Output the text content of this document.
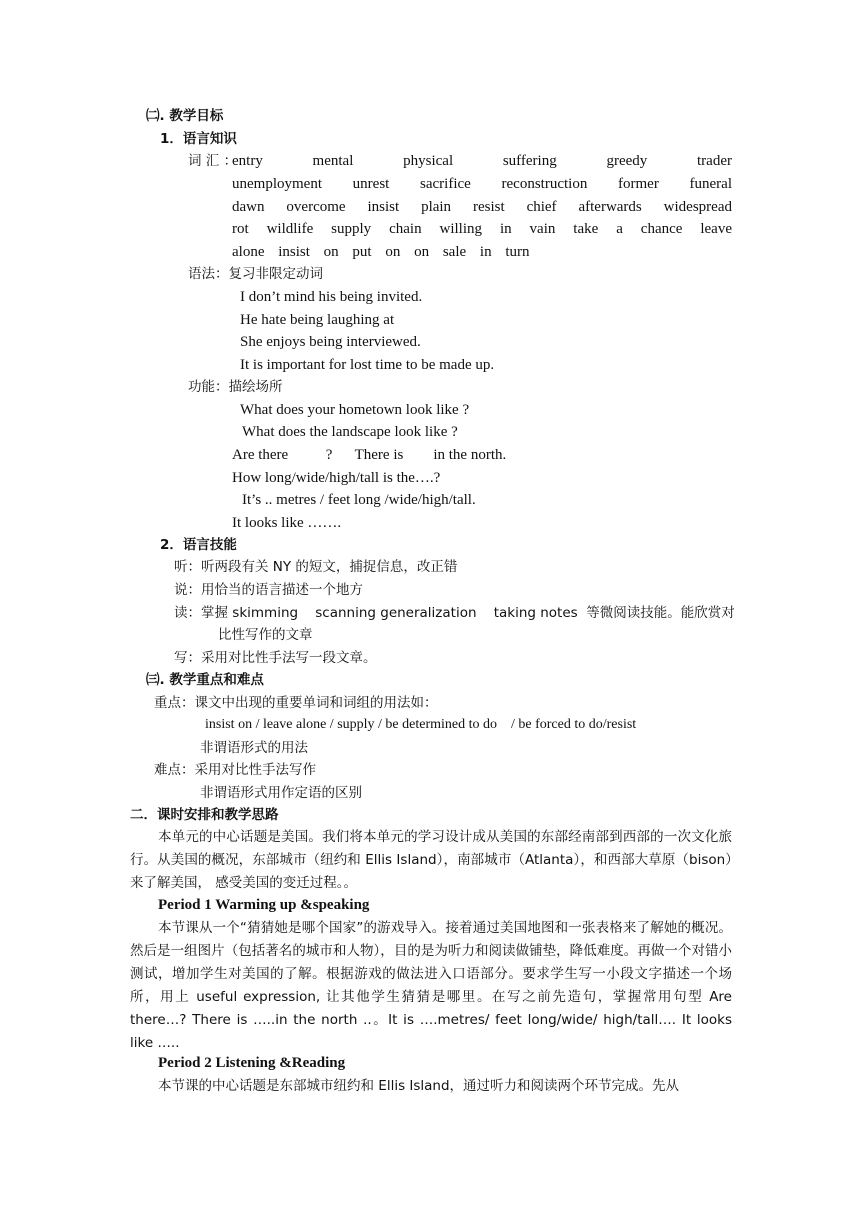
㈡. 教学目标
1．语言知识
词 汇 ：
entry mental physical suffering greedy trader
unemployment unrest sacrifice reconstruction former funeral
dawn overcome insist plain resist chief afterwards widespread
rot wildlife supply chain willing in vain take a chance leave
alone insist on put on on sale in turn
语法：复习非限定动词
I don’t mind his being invited.
He hate being laughing at
She enjoys being interviewed.
It is important for lost time to be made up.
功能：描绘场所
What does your hometown look like ?
What does the landscape look like ?
Are there          ?      There is        in the north.
How long/wide/high/tall is the….?
It’s .. metres / feet long /wide/high/tall.
It looks like …….
2．语言技能
听：听两段有关 NY 的短文，捕捉信息，改正错
说：用恰当的语言描述一个地方
读：掌握 skimming    scanning generalization    taking notes  等微阅读技能。能欣赏对
比性写作的文章
写：采用对比性手法写一段文章。
㈢. 教学重点和难点
重点：课文中出现的重要单词和词组的用法如：
insist on / leave alone / supply / be determined to do    / be forced to do/resist
非谓语形式的用法
难点：采用对比性手法写作
非谓语形式用作定语的区别
二．课时安排和教学思路
本单元的中心话题是美国。我们将本单元的学习设计成从美国的东部经南部到西部的一次文化旅行。从美国的概况，东部城市（纽约和 Ellis Island），南部城市（Atlanta），和西部大草原（bison）来了解美国， 感受美国的变迁过程。。
Period 1 Warming up &speaking
本节课从一个“猜猜她是哪个国家”的游戏导入。接着通过美国地图和一张表格来了解她的概况。然后是一组图片（包括著名的城市和人物），目的是为听力和阅读做铺垫，降低难度。再做一个对错小测试，增加学生对美国的了解。根据游戏的做法进入口语部分。要求学生写一小段文字描述一个场所，用上 useful expression, 让其他学生猜猜是哪里。在写之前先造句，掌握常用句型 Are there…? There is …..in the north ..。It is ….metres/ feet long/wide/ high/tall…. It looks like …..
Period 2 Listening &Reading
本节课的中心话题是东部城市纽约和 Ellis Island，通过听力和阅读两个环节完成。先从
